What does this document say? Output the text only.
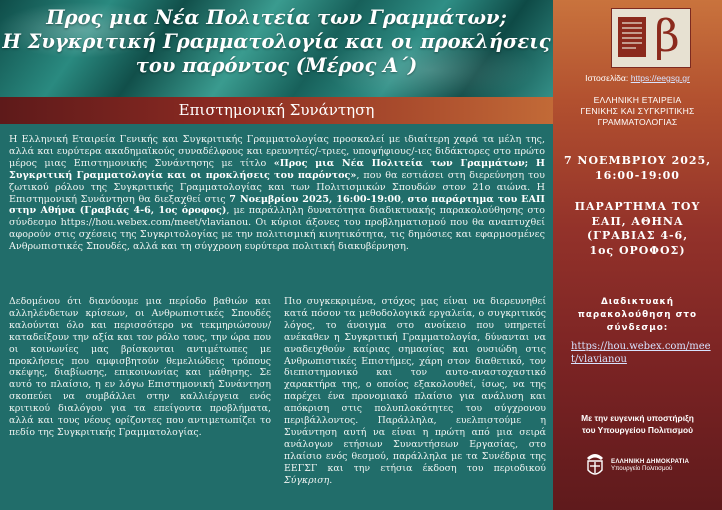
Προς μια Νέα Πολιτεία των Γραμμάτων;
Η Συγκριτική Γραμματολογία και οι προκλήσεις
του παρόντος (Μέρος Α΄)
Επιστημονική Συνάντηση
Η Ελληνική Εταιρεία Γενικής και Συγκριτικής Γραμματολογίας προσκαλεί με ιδιαίτερη χαρά τα μέλη της, αλλά και ευρύτερα ακαδημαϊκούς συναδέλφους και ερευνητές/-τριες, υποψήφιους/-ιες διδάκτορες στο πρώτο μέρος μιας Επιστημονικής Συνάντησης με τίτλο «Προς μια Νέα Πολιτεία των Γραμμάτων; Η Συγκριτική Γραμματολογία και οι προκλήσεις του παρόντος», που θα εστιάσει στη διερεύνηση του ζωτικού ρόλου της Συγκριτικής Γραμματολογίας και των Πολιτισμικών Σπουδών στον 21ο αιώνα. Η Επιστημονική Συνάντηση θα διεξαχθεί στις 7 Νοεμβρίου 2025, 16:00-19:00, στο παράρτημα του ΕΑΠ στην Αθήνα (Γραβιάς 4-6, 1ος όροφος), με παράλληλη δυνατότητα διαδικτυακής παρακολούθησης στο σύνδεσμο https://hou.webex.com/meet/vlavianou. Οι κύριοι άξονες του προβληματισμού που θα αναπτυχθεί αφορούν στις σχέσεις της Συγκριτολογίας με την πολιτισμική κινητικότητα, τις δημόσιες και εφαρμοσμένες Ανθρωπιστικές Σπουδές, αλλά και τη σύγχρονη ευρύτερα πολιτική διακυβέρνηση.
Δεδομένου ότι διανύουμε μια περίοδο βαθιών και αλληλένδετων κρίσεων, οι Ανθρωπιστικές Σπουδές καλούνται όλο και περισσότερο να τεκμηριώσουν/ καταδείξουν την αξία και τον ρόλο τους, την ώρα που οι κοινωνίες μας βρίσκονται αντιμέτωπες με προκλήσεις που αμφισβητούν θεμελιώδεις τρόπους σκέψης, διαβίωσης, επικοινωνίας και μάθησης. Σε αυτό το πλαίσιο, η εν λόγω Επιστημονική Συνάντηση σκοπεύει να συμβάλλει στην καλλιέργεια ενός κριτικού διαλόγου για τα επείγοντα προβλήματα, αλλά και τους νέους ορίζοντες που αντιμετωπίζει το πεδίο της Συγκριτικής Γραμματολογίας.
Πιο συγκεκριμένα, στόχος μας είναι να διερευνηθεί κατά πόσον τα μεθοδολογικά εργαλεία, ο συγκριτικός λόγος, το άνοιγμα στο ανοίκειο που υπηρετεί ανέκαθεν η Συγκριτική Γραμματολογία, δύνανται να αναδειχθούν καίριας σημασίας και ουσιώδη στις Ανθρωπιστικές Επιστήμες, χάρη στον διαθετικό, τον διεπιστημονικό και τον αυτο-αναστοχαστικό χαρακτήρα της, ο οποίος εξακολουθεί, ίσως, να της παρέχει ένα προνομιακό πλαίσιο για ανάλυση και απόκριση στις πολυπλοκότητες του σύγχρονου περιβάλλοντος. Παράλληλα, ευελπιστούμε η Συνάντηση αυτή να είναι η πρώτη από μια σειρά ανάλογων ετήσιων Συναντήσεων Εργασίας, στο πλαίσιο ενός θεσμού, παράλληλα με τα Συνέδρια της ΕΕΓΣΓ και την ετήσια έκδοση του περιοδικού Σύγκριση.
β
Ιστοσελίδα: https://eegsg.gr
ΕΛΛΗΝΙΚΗ ΕΤΑΙΡΕΙΑ
ΓΕΝΙΚΗΣ ΚΑΙ ΣΥΓΚΡΙΤΙΚΗΣ
ΓΡΑΜΜΑΤΟΛΟΓΙΑΣ
7 ΝΟΕΜΒΡΙΟΥ 2025,
16:00-19:00
ΠΑΡΑΡΤΗΜΑ ΤΟΥ
ΕΑΠ, ΑΘΗΝΑ
(ΓΡΑΒΙΑΣ 4-6,
1ος ΟΡΟΦΟΣ)
Διαδικτυακή
παρακολούθηση στο
σύνδεσμο:
https://hou.webex.com/meet/vlavianou
Με την ευγενική υποστήριξη
του Υπουργείου Πολιτισμού
ΕΛΛΗΝΙΚΗ ΔΗΜΟΚΡΑΤΙΑ
Υπουργείο Πολιτισμού
